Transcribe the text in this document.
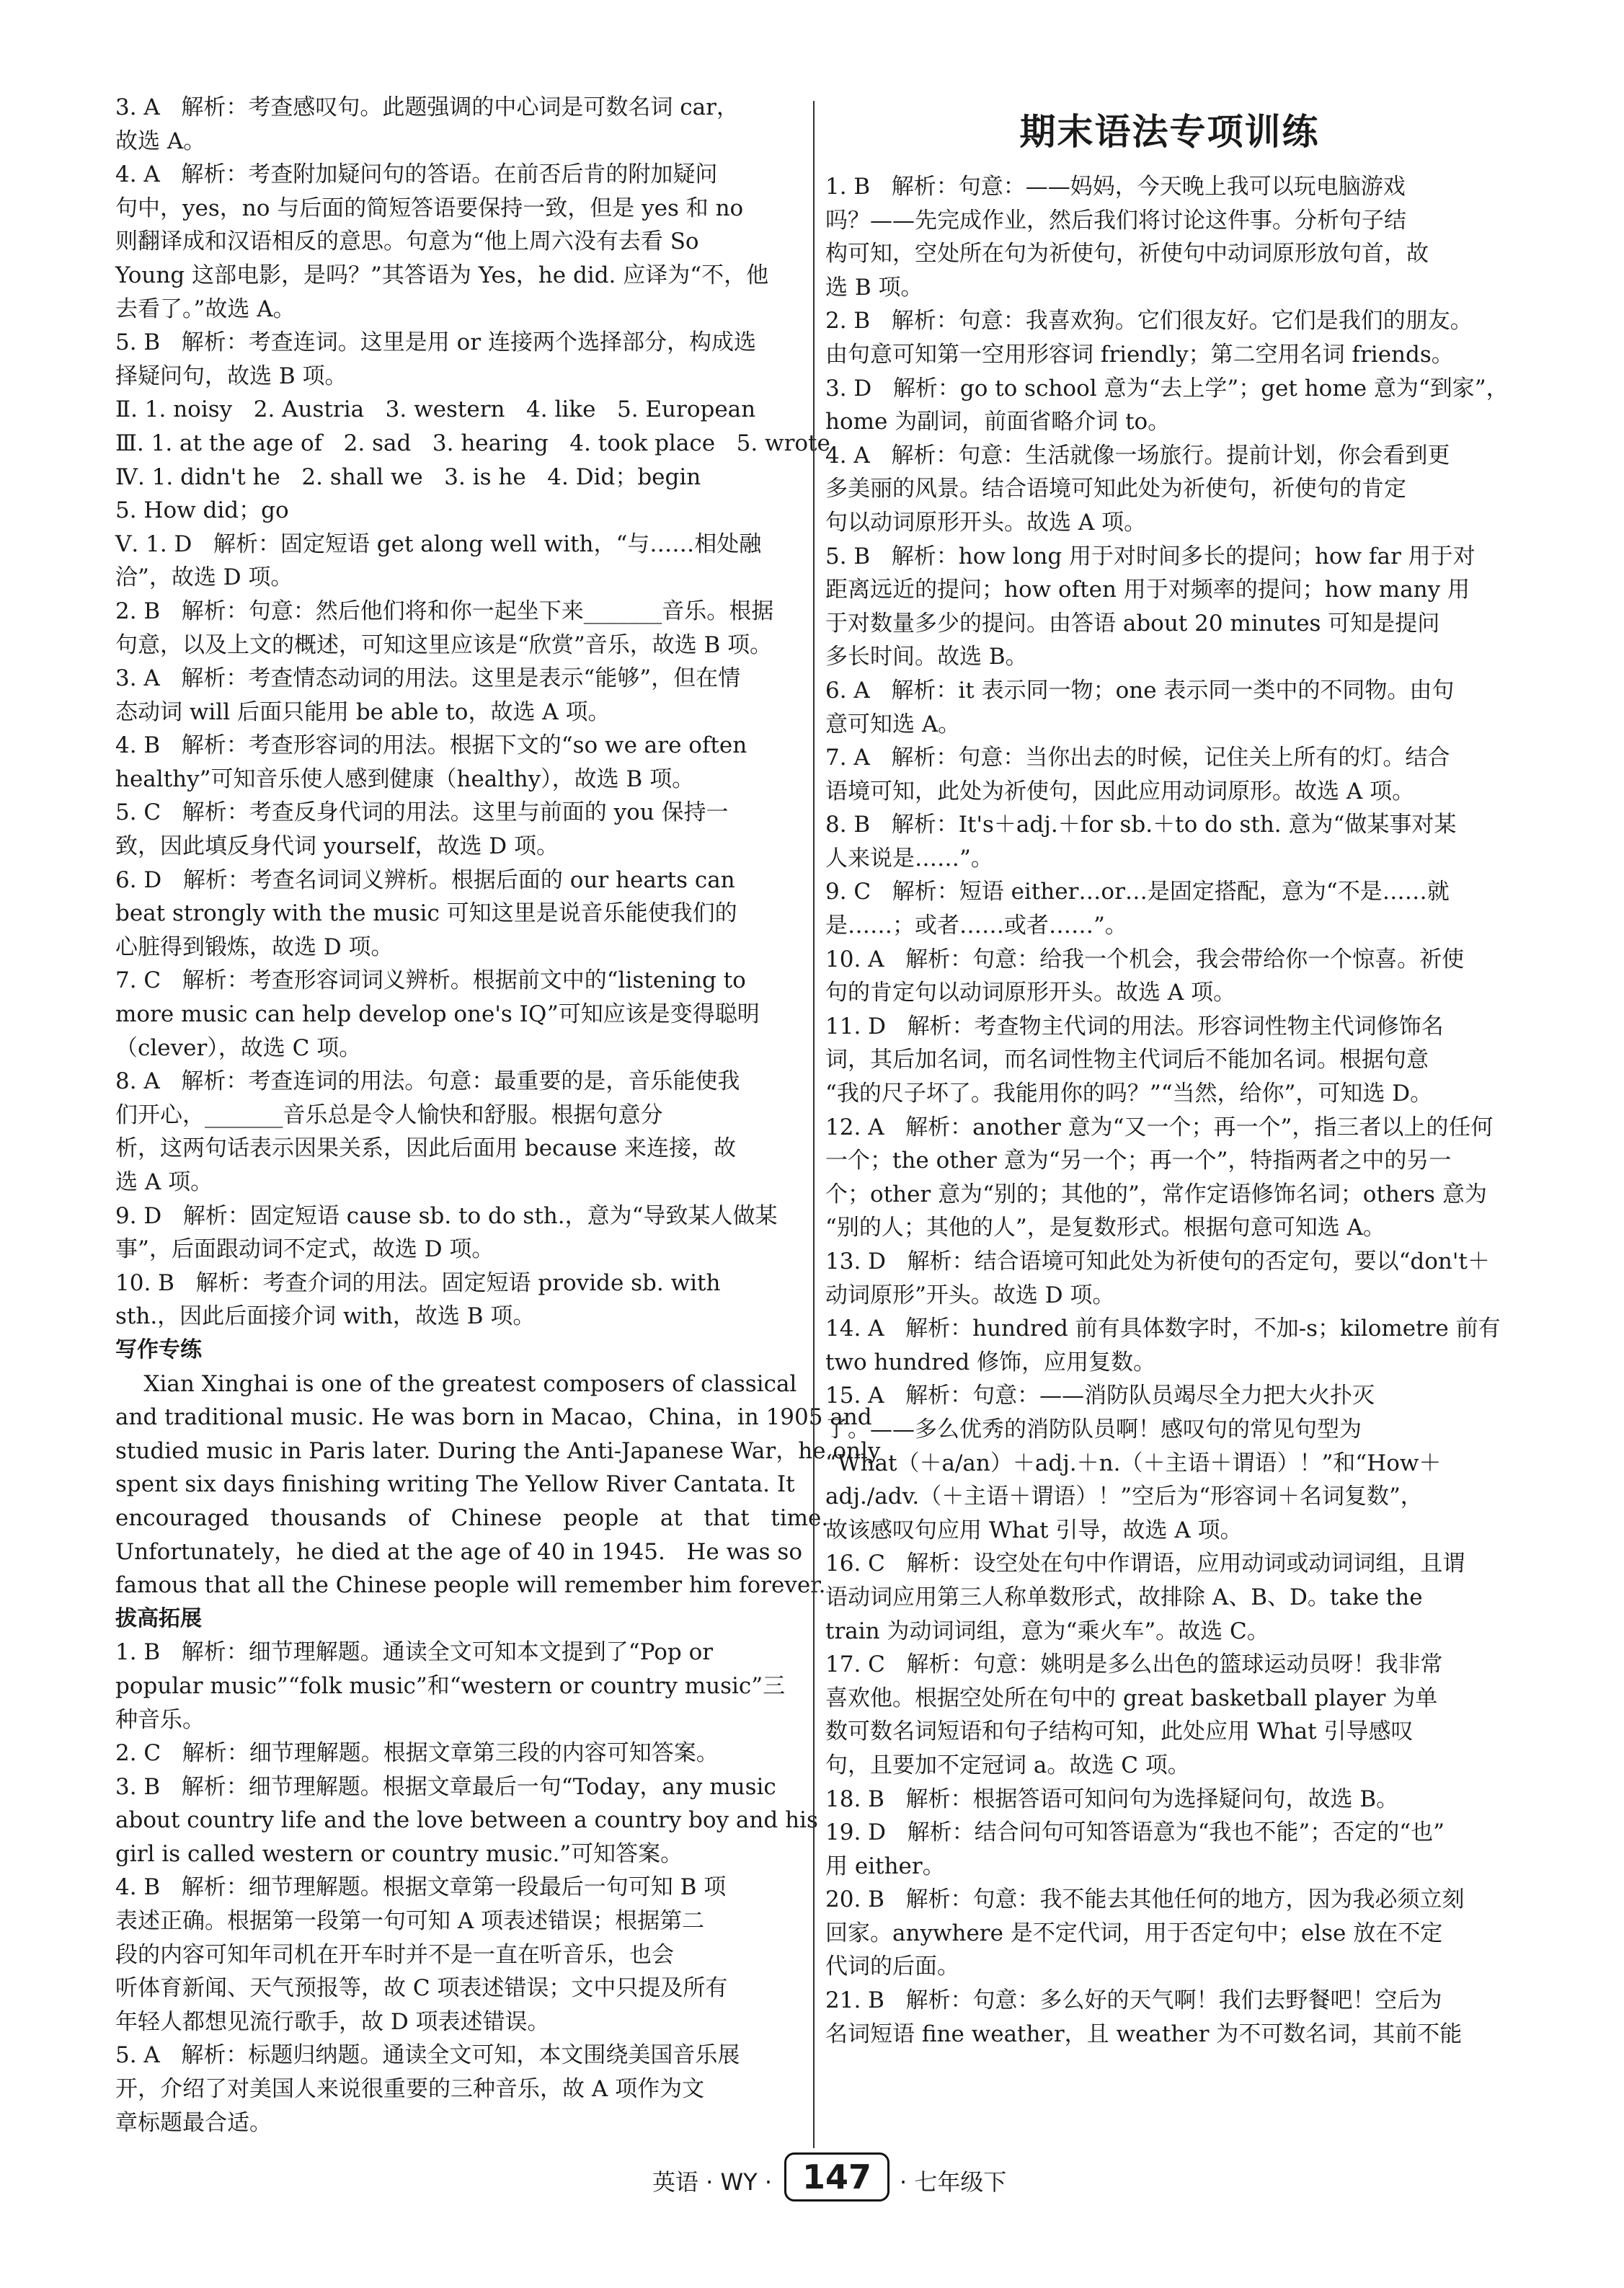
3. A   解析：考查感叹句。此题强调的中心词是可数名词 car，
故选 A。
4. A   解析：考查附加疑问句的答语。在前否后肯的附加疑问
句中，yes，no 与后面的简短答语要保持一致，但是 yes 和 no
则翻译成和汉语相反的意思。句意为“他上周六没有去看 So
Young 这部电影，是吗？”其答语为 Yes，he did. 应译为“不，他
去看了。”故选 A。
5. B   解析：考查连词。这里是用 or 连接两个选择部分，构成选
择疑问句，故选 B 项。
Ⅱ. 1. noisy   2. Austria   3. western   4. like   5. European
Ⅲ. 1. at the age of   2. sad   3. hearing   4. took place   5. wrote
Ⅳ. 1. didn't he   2. shall we   3. is he   4. Did；begin
5. How did；go
Ⅴ. 1. D   解析：固定短语 get along well with，“与……相处融
洽”，故选 D 项。
2. B   解析：句意：然后他们将和你一起坐下来_______音乐。根据
句意，以及上文的概述，可知这里应该是“欣赏”音乐，故选 B 项。
3. A   解析：考查情态动词的用法。这里是表示“能够”，但在情
态动词 will 后面只能用 be able to，故选 A 项。
4. B   解析：考查形容词的用法。根据下文的“so we are often
healthy”可知音乐使人感到健康（healthy），故选 B 项。
5. C   解析：考查反身代词的用法。这里与前面的 you 保持一
致，因此填反身代词 yourself，故选 D 项。
6. D   解析：考查名词词义辨析。根据后面的 our hearts can
beat strongly with the music 可知这里是说音乐能使我们的
心脏得到锻炼，故选 D 项。
7. C   解析：考查形容词词义辨析。根据前文中的“listening to
more music can help develop one's IQ”可知应该是变得聪明
（clever），故选 C 项。
8. A   解析：考查连词的用法。句意：最重要的是，音乐能使我
们开心，_______音乐总是令人愉快和舒服。根据句意分
析，这两句话表示因果关系，因此后面用 because 来连接，故
选 A 项。
9. D   解析：固定短语 cause sb. to do sth.，意为“导致某人做某
事”，后面跟动词不定式，故选 D 项。
10. B   解析：考查介词的用法。固定短语 provide sb. with
sth.，因此后面接介词 with，故选 B 项。
写作专练
Xian Xinghai is one of the greatest composers of classical
and traditional music. He was born in Macao，China，in 1905 and
studied music in Paris later. During the Anti-Japanese War，he only
spent six days finishing writing The Yellow River Cantata. It
encouraged   thousands   of   Chinese   people   at   that   time.
Unfortunately，he died at the age of 40 in 1945.   He was so
famous that all the Chinese people will remember him forever.
拔高拓展
1. B   解析：细节理解题。通读全文可知本文提到了“Pop or
popular music”“folk music”和“western or country music”三
种音乐。
2. C   解析：细节理解题。根据文章第三段的内容可知答案。
3. B   解析：细节理解题。根据文章最后一句“Today，any music
about country life and the love between a country boy and his
girl is called western or country music.”可知答案。
4. B   解析：细节理解题。根据文章第一段最后一句可知 B 项
表述正确。根据第一段第一句可知 A 项表述错误；根据第二
段的内容可知年司机在开车时并不是一直在听音乐，也会
听体育新闻、天气预报等，故 C 项表述错误；文中只提及所有
年轻人都想见流行歌手，故 D 项表述错误。
5. A   解析：标题归纳题。通读全文可知，本文围绕美国音乐展
开，介绍了对美国人来说很重要的三种音乐，故 A 项作为文
章标题最合适。
期末语法专项训练
1. B   解析：句意：——妈妈，今天晚上我可以玩电脑游戏
吗？——先完成作业，然后我们将讨论这件事。分析句子结
构可知，空处所在句为祈使句，祈使句中动词原形放句首，故
选 B 项。
2. B   解析：句意：我喜欢狗。它们很友好。它们是我们的朋友。
由句意可知第一空用形容词 friendly；第二空用名词 friends。
3. D   解析：go to school 意为“去上学”；get home 意为“到家”，
home 为副词，前面省略介词 to。
4. A   解析：句意：生活就像一场旅行。提前计划，你会看到更
多美丽的风景。结合语境可知此处为祈使句，祈使句的肯定
句以动词原形开头。故选 A 项。
5. B   解析：how long 用于对时间多长的提问；how far 用于对
距离远近的提问；how often 用于对频率的提问；how many 用
于对数量多少的提问。由答语 about 20 minutes 可知是提问
多长时间。故选 B。
6. A   解析：it 表示同一物；one 表示同一类中的不同物。由句
意可知选 A。
7. A   解析：句意：当你出去的时候，记住关上所有的灯。结合
语境可知，此处为祈使句，因此应用动词原形。故选 A 项。
8. B   解析：It's＋adj.＋for sb.＋to do sth. 意为“做某事对某
人来说是……”。
9. C   解析：短语 either…or…是固定搭配，意为“不是……就
是……；或者……或者……”。
10. A   解析：句意：给我一个机会，我会带给你一个惊喜。祈使
句的肯定句以动词原形开头。故选 A 项。
11. D   解析：考查物主代词的用法。形容词性物主代词修饰名
词，其后加名词，而名词性物主代词后不能加名词。根据句意
“我的尺子坏了。我能用你的吗？”“当然，给你”，可知选 D。
12. A   解析：another 意为“又一个；再一个”，指三者以上的任何
一个；the other 意为“另一个；再一个”，特指两者之中的另一
个；other 意为“别的；其他的”，常作定语修饰名词；others 意为
“别的人；其他的人”，是复数形式。根据句意可知选 A。
13. D   解析：结合语境可知此处为祈使句的否定句，要以“don't＋
动词原形”开头。故选 D 项。
14. A   解析：hundred 前有具体数字时，不加-s；kilometre 前有
two hundred 修饰，应用复数。
15. A   解析：句意：——消防队员竭尽全力把大火扑灭
了。——多么优秀的消防队员啊！感叹句的常见句型为
“What（＋a/an）＋adj.＋n.（＋主语＋谓语）！”和“How＋
adj./adv.（＋主语＋谓语）！”空后为“形容词＋名词复数”，
故该感叹句应用 What 引导，故选 A 项。
16. C   解析：设空处在句中作谓语，应用动词或动词词组，且谓
语动词应用第三人称单数形式，故排除 A、B、D。take the
train 为动词词组，意为“乘火车”。故选 C。
17. C   解析：句意：姚明是多么出色的篮球运动员呀！我非常
喜欢他。根据空处所在句中的 great basketball player 为单
数可数名词短语和句子结构可知，此处应用 What 引导感叹
句，且要加不定冠词 a。故选 C 项。
18. B   解析：根据答语可知问句为选择疑问句，故选 B。
19. D   解析：结合问句可知答语意为“我也不能”；否定的“也”
用 either。
20. B   解析：句意：我不能去其他任何的地方，因为我必须立刻
回家。anywhere 是不定代词，用于否定句中；else 放在不定
代词的后面。
21. B   解析：句意：多么好的天气啊！我们去野餐吧！空后为
名词短语 fine weather，且 weather 为不可数名词，其前不能
英语 · WY · 147	· 七年级下
